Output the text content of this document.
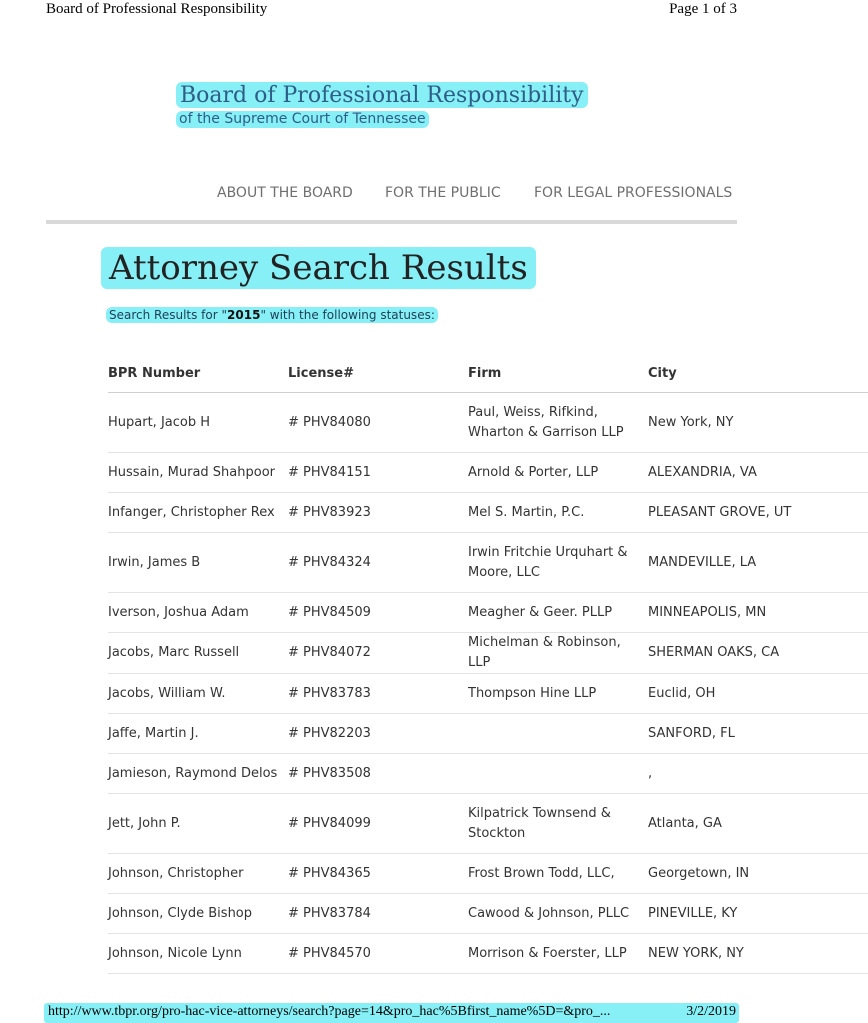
Board of Professional Responsibility	Page 1 of 3
Board of Professional Responsibility
of the Supreme Court of Tennessee
ABOUT THE BOARD FOR THE PUBLIC FOR LEGAL PROFESSIONALS
Attorney Search Results
Search Results for "2015" with the following statuses:
BPR Number	License#	Firm	City
Hupart, Jacob H	# PHV84080	Paul, Weiss, Rifkind, Wharton & Garrison LLP	New York, NY
Hussain, Murad Shahpoor	# PHV84151	Arnold & Porter, LLP	ALEXANDRIA, VA
Infanger, Christopher Rex	# PHV83923	Mel S. Martin, P.C.	PLEASANT GROVE, UT
Irwin, James B	# PHV84324	Irwin Fritchie Urquhart & Moore, LLC	MANDEVILLE, LA
Iverson, Joshua Adam	# PHV84509	Meagher & Geer. PLLP	MINNEAPOLIS, MN
Jacobs, Marc Russell	# PHV84072	Michelman & Robinson, LLP	SHERMAN OAKS, CA
Jacobs, William W.	# PHV83783	Thompson Hine LLP	Euclid, OH
Jaffe, Martin J.	# PHV82203		SANFORD, FL
Jamieson, Raymond Delos	# PHV83508		,
Jett, John P.	# PHV84099	Kilpatrick Townsend & Stockton	Atlanta, GA
Johnson, Christopher	# PHV84365	Frost Brown Todd, LLC,	Georgetown, IN
Johnson, Clyde Bishop	# PHV83784	Cawood & Johnson, PLLC	PINEVILLE, KY
Johnson, Nicole Lynn	# PHV84570	Morrison & Foerster, LLP	NEW YORK, NY
http://www.tbpr.org/pro-hac-vice-attorneys/search?page=14&pro_hac%5Bfirst_name%5D=&pro_...	3/2/2019
